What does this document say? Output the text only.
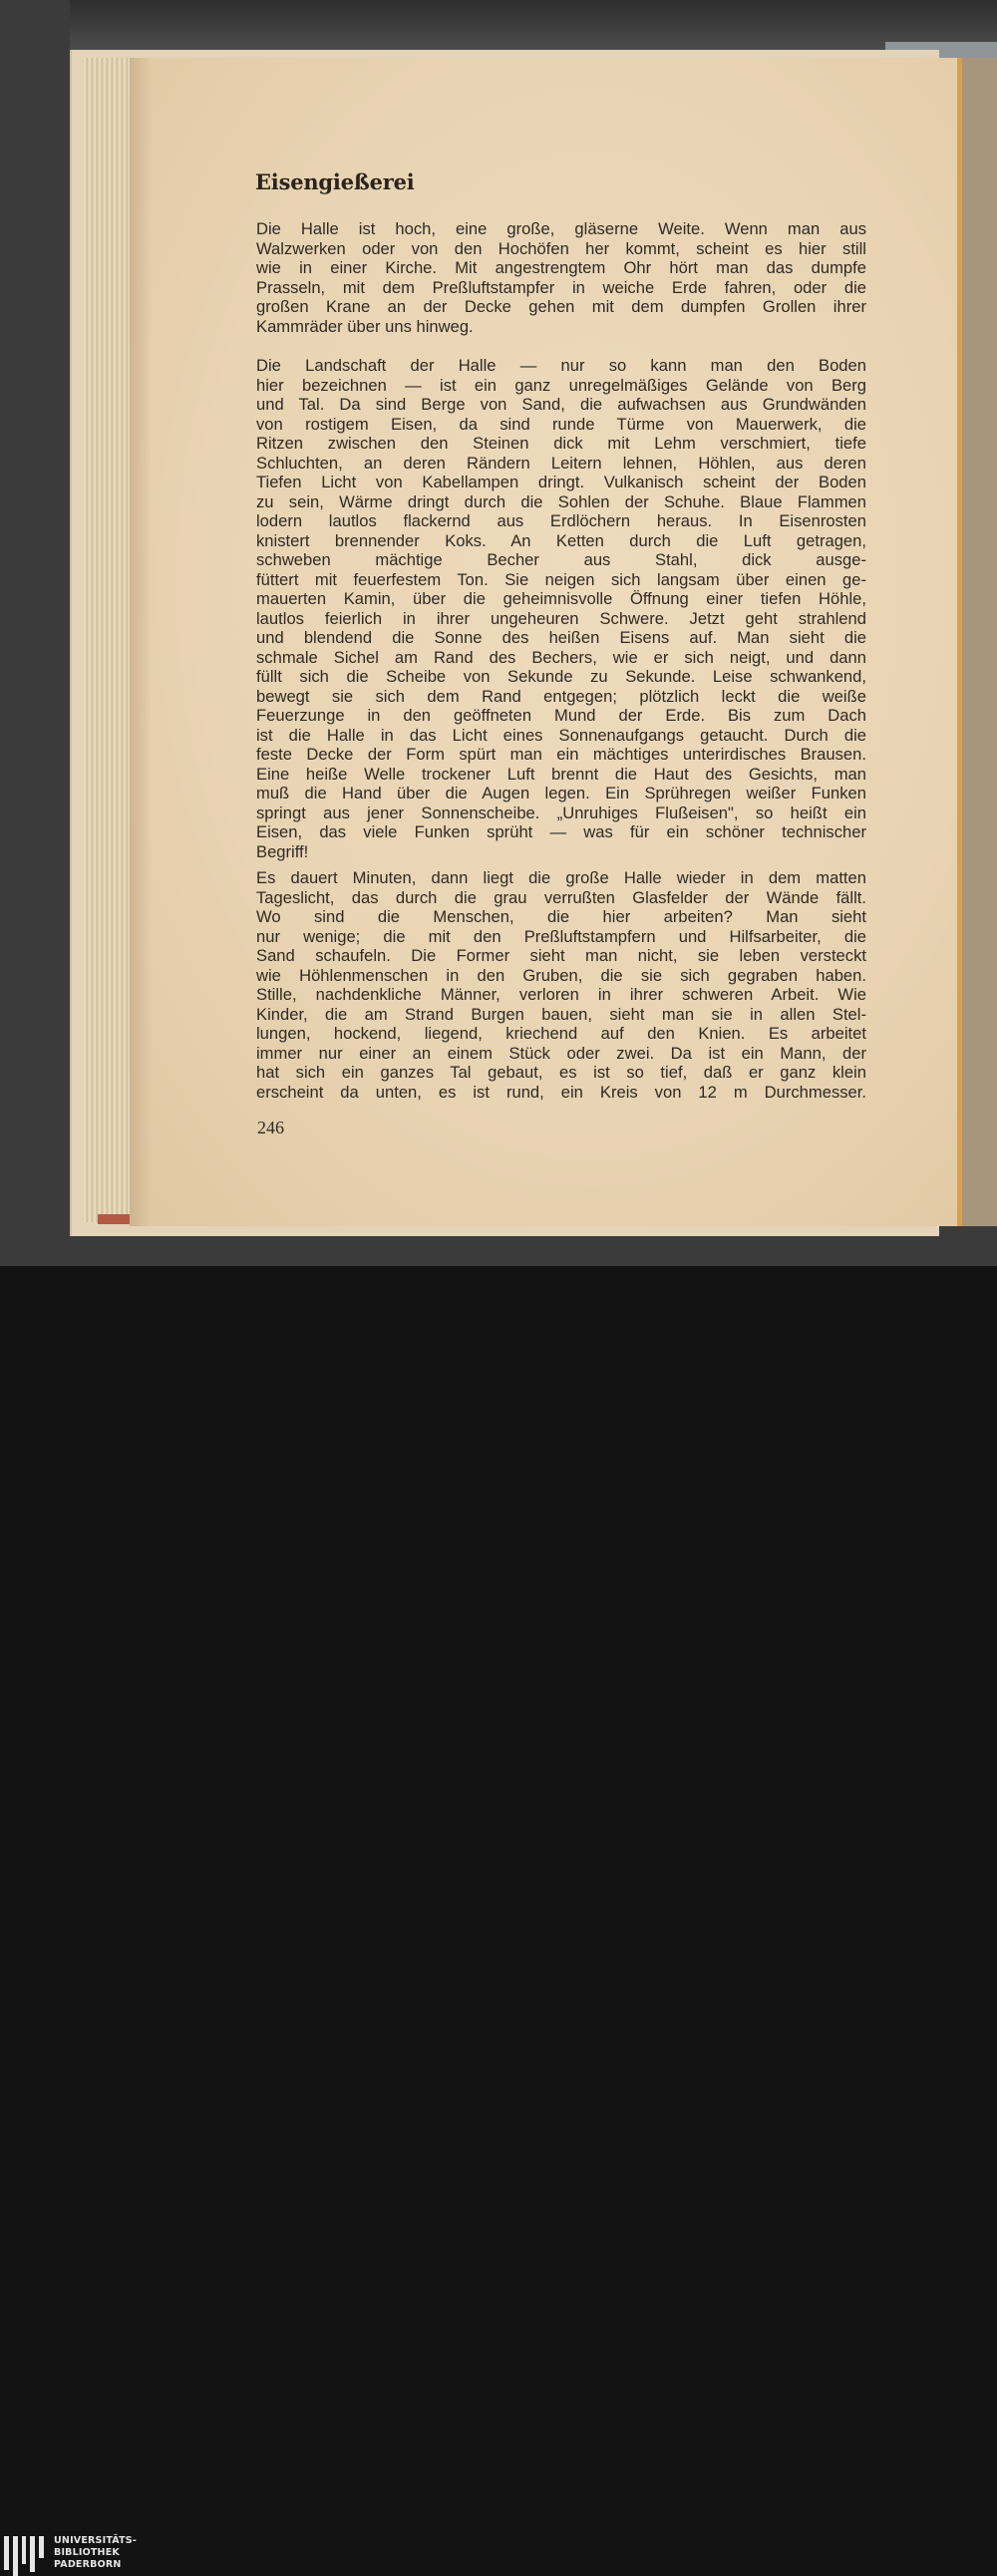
Eisengießerei
Die Halle ist hoch, eine große, gläserne Weite. Wenn man aus
Walzwerken oder von den Hochöfen her kommt, scheint es hier still
wie in einer Kirche. Mit angestrengtem Ohr hört man das dumpfe
Prasseln, mit dem Preßluftstampfer in weiche Erde fahren, oder die
großen Krane an der Decke gehen mit dem dumpfen Grollen ihrer
Kammräder über uns hinweg.
Die Landschaft der Halle — nur so kann man den Boden
hier bezeichnen — ist ein ganz unregelmäßiges Gelände von Berg
und Tal. Da sind Berge von Sand, die aufwachsen aus Grundwänden
von rostigem Eisen, da sind runde Türme von Mauerwerk, die
Ritzen zwischen den Steinen dick mit Lehm verschmiert, tiefe
Schluchten, an deren Rändern Leitern lehnen, Höhlen, aus deren
Tiefen Licht von Kabellampen dringt. Vulkanisch scheint der Boden
zu sein, Wärme dringt durch die Sohlen der Schuhe. Blaue Flammen
lodern lautlos flackernd aus Erdlöchern heraus. In Eisenrosten
knistert brennender Koks. An Ketten durch die Luft getragen,
schweben mächtige Becher aus Stahl, dick ausge-
füttert mit feuerfestem Ton. Sie neigen sich langsam über einen ge-
mauerten Kamin, über die geheimnisvolle Öffnung einer tiefen Höhle,
lautlos feierlich in ihrer ungeheuren Schwere. Jetzt geht strahlend
und blendend die Sonne des heißen Eisens auf. Man sieht die
schmale Sichel am Rand des Bechers, wie er sich neigt, und dann
füllt sich die Scheibe von Sekunde zu Sekunde. Leise schwankend,
bewegt sie sich dem Rand entgegen; plötzlich leckt die weiße
Feuerzunge in den geöffneten Mund der Erde. Bis zum Dach
ist die Halle in das Licht eines Sonnenaufgangs getaucht. Durch die
feste Decke der Form spürt man ein mächtiges unterirdisches Brausen.
Eine heiße Welle trockener Luft brennt die Haut des Gesichts, man
muß die Hand über die Augen legen. Ein Sprühregen weißer Funken
springt aus jener Sonnenscheibe. „Unruhiges Flußeisen", so heißt ein
Eisen, das viele Funken sprüht — was für ein schöner technischer
Begriff!
Es dauert Minuten, dann liegt die große Halle wieder in dem matten
Tageslicht, das durch die grau verrußten Glasfelder der Wände fällt.
Wo sind die Menschen, die hier arbeiten? Man sieht
nur wenige; die mit den Preßluftstampfern und Hilfsarbeiter, die
Sand schaufeln. Die Former sieht man nicht, sie leben versteckt
wie Höhlenmenschen in den Gruben, die sie sich gegraben haben.
Stille, nachdenkliche Männer, verloren in ihrer schweren Arbeit. Wie
Kinder, die am Strand Burgen bauen, sieht man sie in allen Stel-
lungen, hockend, liegend, kriechend auf den Knien. Es arbeitet
immer nur einer an einem Stück oder zwei. Da ist ein Mann, der
hat sich ein ganzes Tal gebaut, es ist so tief, daß er ganz klein
erscheint da unten, es ist rund, ein Kreis von 12 m Durchmesser.
246
UNIVERSITÄTS-
BIBLIOTHEK
PADERBORN
